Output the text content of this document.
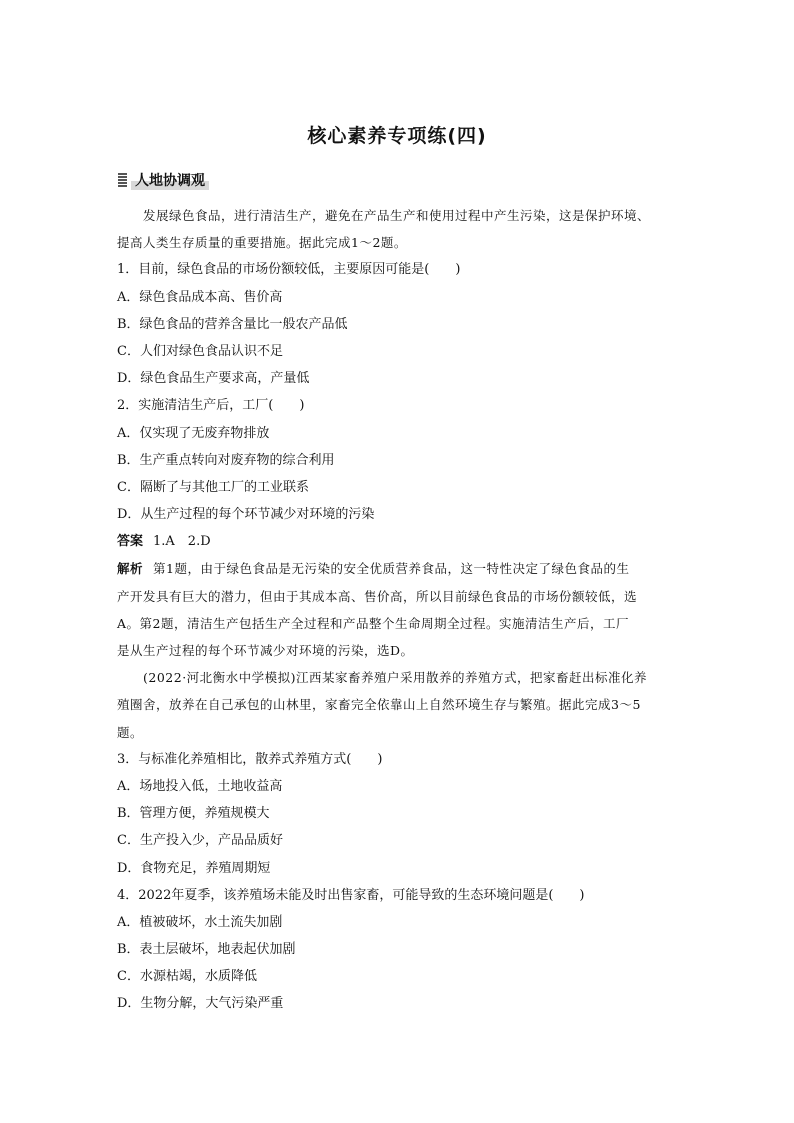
核心素养专项练(四)
人地协调观
发展绿色食品，进行清洁生产，避免在产品生产和使用过程中产生污染，这是保护环境、
提高人类生存质量的重要措施。据此完成1～2题。
1．目前，绿色食品的市场份额较低，主要原因可能是(　　)
A．绿色食品成本高、售价高
B．绿色食品的营养含量比一般农产品低
C．人们对绿色食品认识不足
D．绿色食品生产要求高，产量低
2．实施清洁生产后，工厂(　　)
A．仅实现了无废弃物排放
B．生产重点转向对废弃物的综合利用
C．隔断了与其他工厂的工业联系
D．从生产过程的每个环节减少对环境的污染
答案 1.A　2.D
解析 第1题，由于绿色食品是无污染的安全优质营养食品，这一特性决定了绿色食品的生
产开发具有巨大的潜力，但由于其成本高、售价高，所以目前绿色食品的市场份额较低，选
A。第2题，清洁生产包括生产全过程和产品整个生命周期全过程。实施清洁生产后，工厂
是从生产过程的每个环节减少对环境的污染，选D。
(2022·河北衡水中学模拟)江西某家畜养殖户采用散养的养殖方式，把家畜赶出标准化养
殖圈舍，放养在自己承包的山林里，家畜完全依靠山上自然环境生存与繁殖。据此完成3～5
题。
3．与标准化养殖相比，散养式养殖方式(　　)
A．场地投入低，土地收益高
B．管理方便，养殖规模大
C．生产投入少，产品品质好
D．食物充足，养殖周期短
4．2022年夏季，该养殖场未能及时出售家畜，可能导致的生态环境问题是(　　)
A．植被破坏，水土流失加剧
B．表土层破坏，地表起伏加剧
C．水源枯竭，水质降低
D．生物分解，大气污染严重
